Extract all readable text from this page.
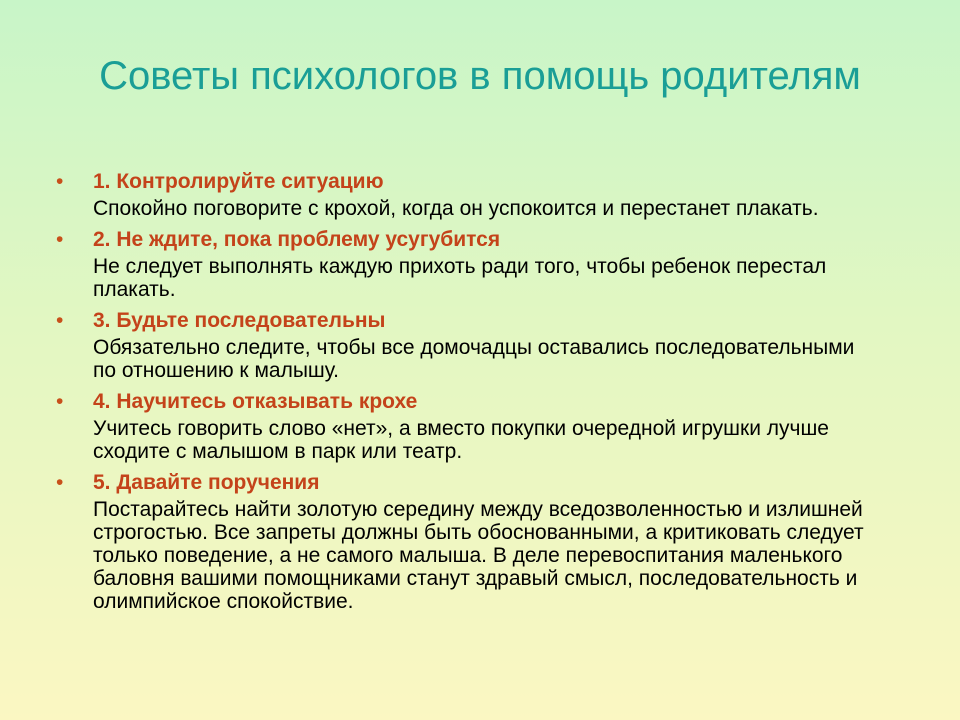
Советы психологов в помощь родителям
• 1. Контролируйте ситуацию
Спокойно поговорите с крохой, когда он успокоится и перестанет плакать.
• 2. Не ждите, пока проблему усугубится
Не следует выполнять каждую прихоть ради того, чтобы ребенок перестал плакать.
• 3. Будьте последовательны
Обязательно следите, чтобы все домочадцы оставались последовательными по отношению к малышу.
• 4. Научитесь отказывать крохе
Учитесь говорить слово «нет», а вместо покупки очередной игрушки лучше сходите с малышом в парк или театр.
• 5. Давайте поручения
Постарайтесь найти золотую середину между вседозволенностью и излишней строгостью. Все запреты должны быть обоснованными, а критиковать следует только поведение, а не самого малыша. В деле перевоспитания маленького баловня вашими помощниками станут здравый смысл, последовательность и олимпийское спокойствие.
